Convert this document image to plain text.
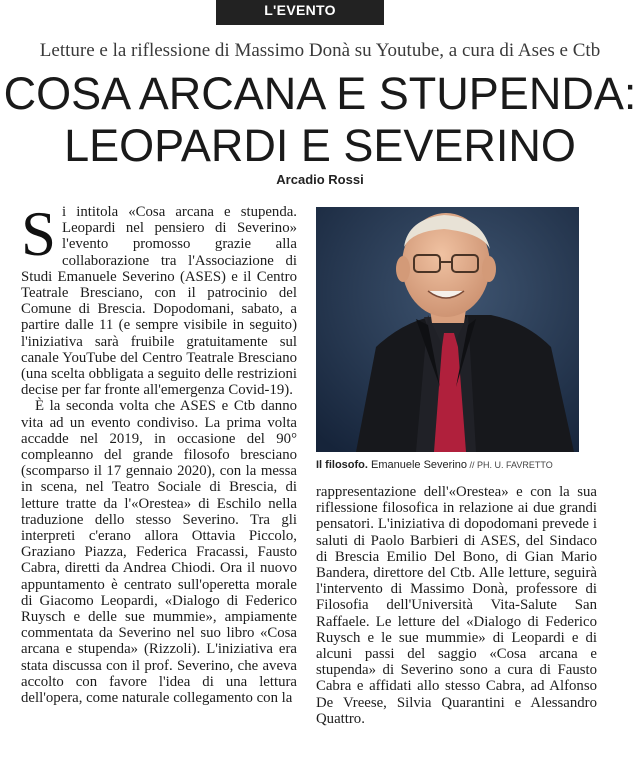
L'EVENTO
Letture e la riflessione di Massimo Donà su Youtube, a cura di Ases e Ctb
COSA ARCANA E STUPENDA:
LEOPARDI E SEVERINO
Arcadio Rossi

Si intitola «Cosa arcana e stupenda. Leopardi nel pensiero di Severino» l'evento promosso grazie alla collaborazione tra l'Associazione di Studi Emanuele Severino (ASES) e il Centro Teatrale Bresciano, con il patrocinio del Comune di Brescia. Dopodomani, sabato, a partire dalle 11 (e sempre visibile in seguito) l'iniziativa sarà fruibile gratuitamente sul canale YouTube del Centro Teatrale Bresciano (una scelta obbligata a seguito delle restrizioni decise per far fronte all'emergenza Covid-19).

È la seconda volta che ASES e Ctb danno vita ad un evento condiviso. La prima volta accadde nel 2019, in occasione del 90° compleanno del grande filosofo bresciano (scomparso il 17 gennaio 2020), con la messa in scena, nel Teatro Sociale di Brescia, di letture tratte da l'«Orestea» di Eschilo nella traduzione dello stesso Severino. Tra gli interpreti c'erano allora Ottavia Piccolo, Graziano Piazza, Federica Fracassi, Fausto Cabra, diretti da Andrea Chiodi. Ora il nuovo appuntamento è centrato sull'operetta morale di Giacomo Leopardi, «Dialogo di Federico Ruysch e delle sue mummie», ampiamente commentata da Severino nel suo libro «Cosa arcana e stupenda» (Rizzoli). L'iniziativa era stata discussa con il prof. Severino, che aveva accolto con favore l'idea di una lettura dell'opera, come naturale collegamento con la

Il filosofo. Emanuele Severino // PH. U. FAVRETTO

rappresentazione dell'«Orestea» e con la sua riflessione filosofica in relazione ai due grandi pensatori. L'iniziativa di dopodomani prevede i saluti di Paolo Barbieri di ASES, del Sindaco di Brescia Emilio Del Bono, di Gian Mario Bandera, direttore del Ctb. Alle letture, seguirà l'intervento di Massimo Donà, professore di Filosofia dell'Università Vita-Salute San Raffaele. Le letture del «Dialogo di Federico Ruysch e le sue mummie» di Leopardi e di alcuni passi del saggio «Cosa arcana e stupenda» di Severino sono a cura di Fausto Cabra e affidati allo stesso Cabra, ad Alfonso De Vreese, Silvia Quarantini e Alessandro Quattro.
